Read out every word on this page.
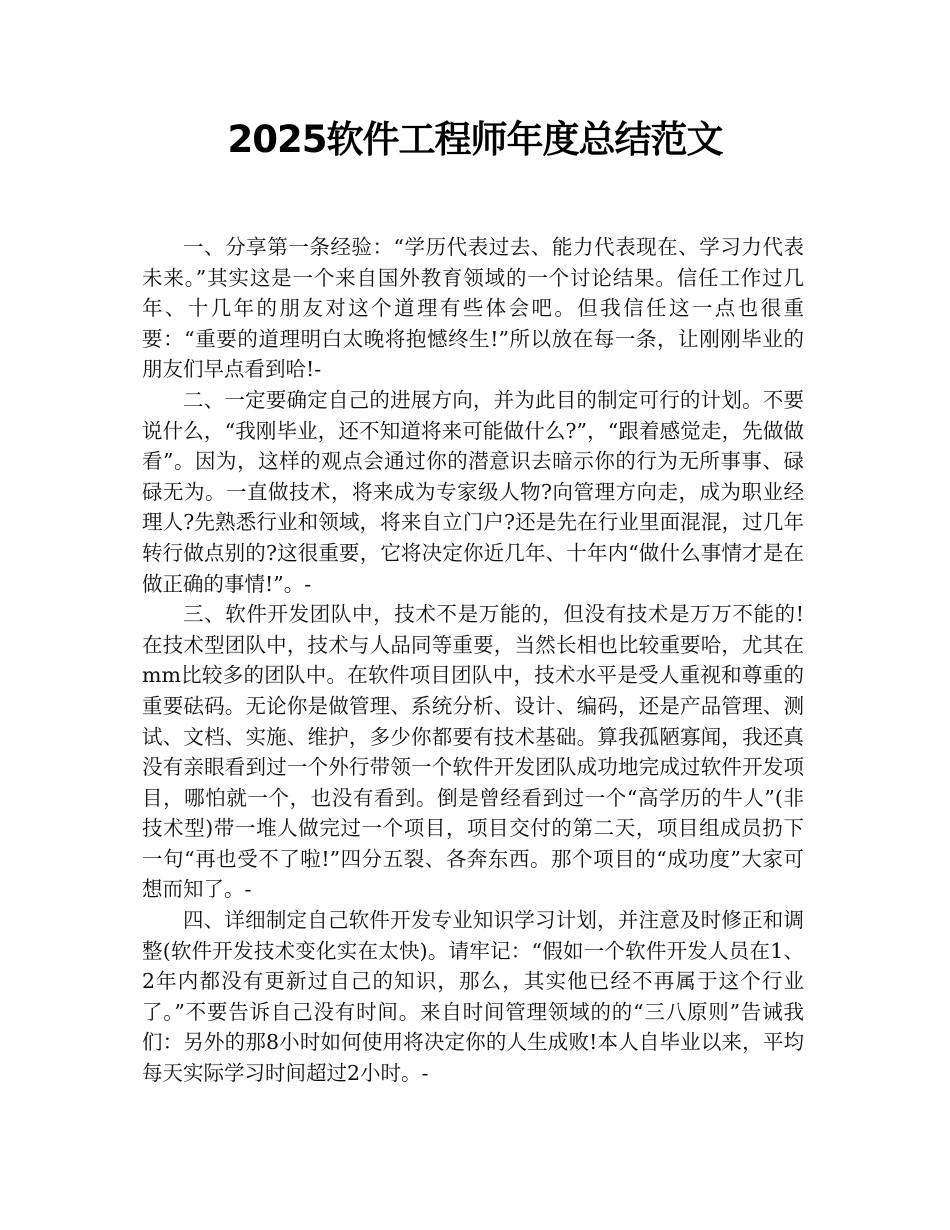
2025软件工程师年度总结范文

一、分享第一条经验：“学历代表过去、能力代表现在、学习力代表未来。”其实这是一个来自国外教育领域的一个讨论结果。信任工作过几年、十几年的朋友对这个道理有些体会吧。但我信任这一点也很重要：“重要的道理明白太晚将抱憾终生!”所以放在每一条，让刚刚毕业的朋友们早点看到哈!-

二、一定要确定自己的进展方向，并为此目的制定可行的计划。不要说什么，“我刚毕业，还不知道将来可能做什么?”，“跟着感觉走，先做做看”。因为，这样的观点会通过你的潜意识去暗示你的行为无所事事、碌碌无为。一直做技术，将来成为专家级人物?向管理方向走，成为职业经理人?先熟悉行业和领域，将来自立门户?还是先在行业里面混混，过几年转行做点别的?这很重要，它将决定你近几年、十年内“做什么事情才是在做正确的事情!”。-

三、软件开发团队中，技术不是万能的，但没有技术是万万不能的!在技术型团队中，技术与人品同等重要，当然长相也比较重要哈，尤其在mm比较多的团队中。在软件项目团队中，技术水平是受人重视和尊重的重要砝码。无论你是做管理、系统分析、设计、编码，还是产品管理、测试、文档、实施、维护，多少你都要有技术基础。算我孤陋寡闻，我还真没有亲眼看到过一个外行带领一个软件开发团队成功地完成过软件开发项目，哪怕就一个，也没有看到。倒是曾经看到过一个“高学历的牛人”(非技术型)带一堆人做完过一个项目，项目交付的第二天，项目组成员扔下一句“再也受不了啦!”四分五裂、各奔东西。那个项目的“成功度”大家可想而知了。-

四、详细制定自己软件开发专业知识学习计划，并注意及时修正和调整(软件开发技术变化实在太快)。请牢记：“假如一个软件开发人员在1、2年内都没有更新过自己的知识，那么，其实他已经不再属于这个行业了。”不要告诉自己没有时间。来自时间管理领域的的“三八原则”告诫我们：另外的那8小时如何使用将决定你的人生成败!本人自毕业以来，平均每天实际学习时间超过2小时。-
